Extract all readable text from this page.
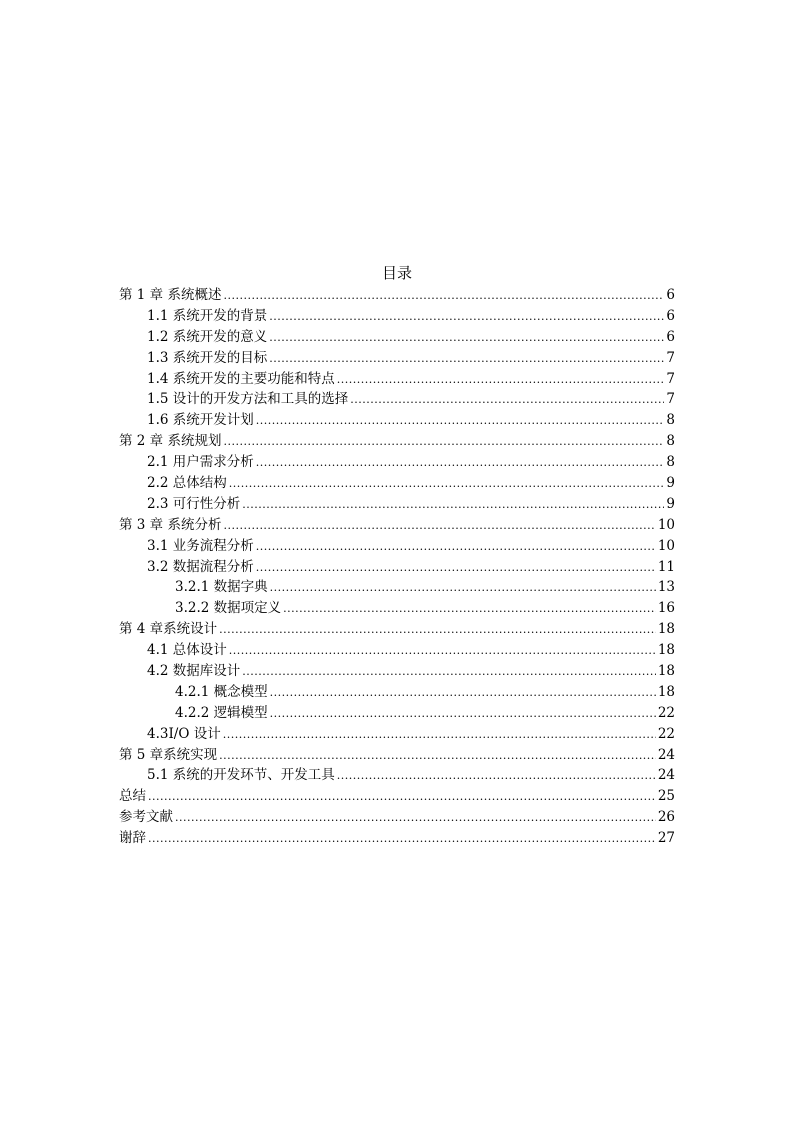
目录
第 1 章 系统概述 .....	6
1.1 系统开发的背景 .....	6
1.2 系统开发的意义 .....	6
1.3 系统开发的目标 .....	7
1.4 系统开发的主要功能和特点 .....	7
1.5 设计的开发方法和工具的选择 .....	7
1.6 系统开发计划 .....	8
第 2 章 系统规划 .....	8
2.1 用户需求分析 .....	8
2.2 总体结构 .....	9
2.3 可行性分析 .....	9
第 3 章 系统分析 .....	10
3.1 业务流程分析 .....	10
3.2 数据流程分析 .....	11
3.2.1 数据字典 .....	13
3.2.2 数据项定义 .....	16
第 4 章系统设计 .....	18
4.1 总体设计 .....	18
4.2 数据库设计 .....	18
4.2.1 概念模型 .....	18
4.2.2 逻辑模型 .....	22
4.3I/O 设计 .....	22
第 5 章系统实现 .....	24
5.1 系统的开发环节、开发工具 .....	24
总结 .....	25
参考文献 .....	26
谢辞 .....	27
